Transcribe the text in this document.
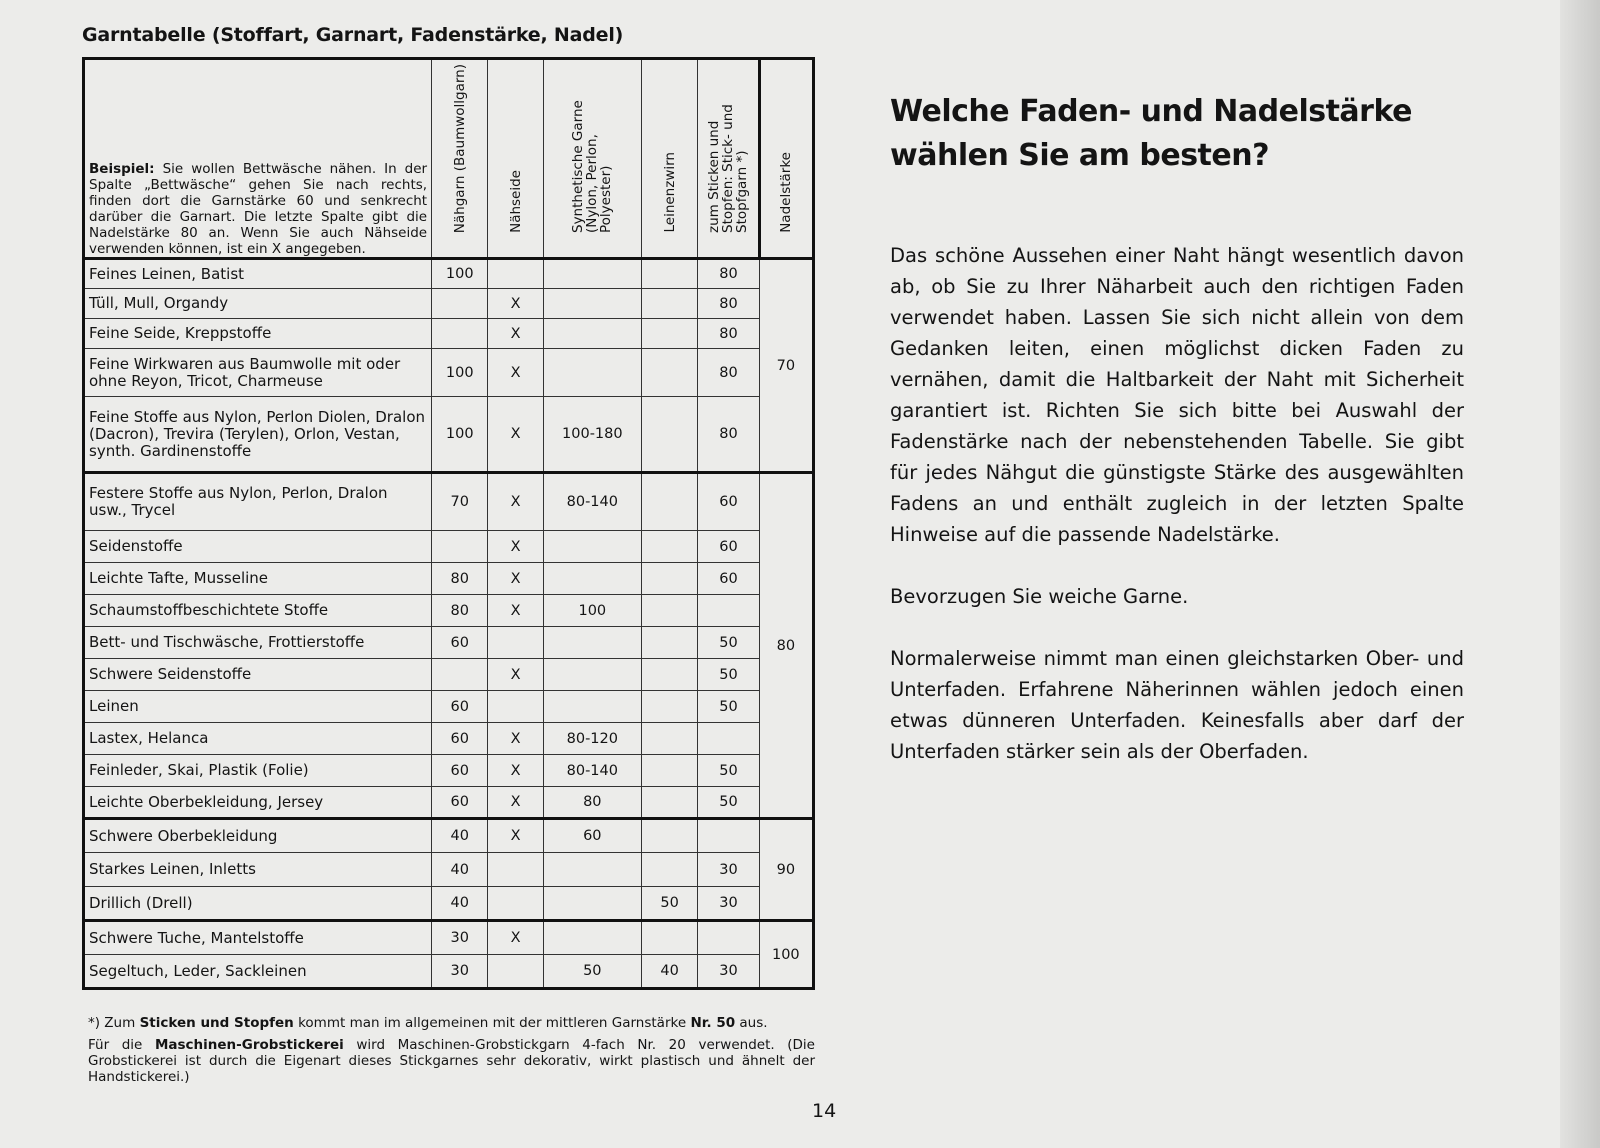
Garntabelle (Stoffart, Garnart, Fadenstärke, Nadel)
Beispiel: Sie wollen Bettwäsche nähen. In der Spalte „Bettwäsche“ gehen Sie nach rechts, finden dort die Garnstärke 60 und senkrecht darüber die Garnart. Die letzte Spalte gibt die Nadelstärke 80 an. Wenn Sie auch Nähseide verwenden können, ist ein X angegeben.	Nähgarn (Baumwollgarn)	Nähseide	Synthetische Garne (Nylon, Perlon, Polyester)	Leinenzwirn	zum Sticken und Stopfen: Stick- und Stopfgarn *)	Nadelstärke
Feines Leinen, Batist	100				80	70
Tüll, Mull, Organdy		X			80	
Feine Seide, Kreppstoffe		X			80	
Feine Wirkwaren aus Baumwolle mit oder ohne Reyon, Tricot, Charmeuse	100	X			80	
Feine Stoffe aus Nylon, Perlon Diolen, Dralon (Dacron), Trevira (Terylen), Orlon, Vestan, synth. Gardinenstoffe	100	X	100-180		80	
Festere Stoffe aus Nylon, Perlon, Dralon usw., Trycel	70	X	80-140		60	80
Seidenstoffe		X			60	
Leichte Tafte, Musseline	80	X			60	
Schaumstoffbeschichtete Stoffe	80	X	100			
Bett- und Tischwäsche, Frottierstoffe	60				50	
Schwere Seidenstoffe		X			50	
Leinen	60				50	
Lastex, Helanca	60	X	80-120			
Feinleder, Skai, Plastik (Folie)	60	X	80-140		50	
Leichte Oberbekleidung, Jersey	60	X	80		50	
Schwere Oberbekleidung	40	X	60			90
Starkes Leinen, Inletts	40				30	
Drillich (Drell)	40			50	30	
Schwere Tuche, Mantelstoffe	30	X				100
Segeltuch, Leder, Sackleinen	30		50	40	30	

*) Zum Sticken und Stopfen kommt man im allgemeinen mit der mittleren Garnstärke Nr. 50 aus.

Für die Maschinen-Grobstickerei wird Maschinen-Grobstickgarn 4-fach Nr. 20 verwendet. (Die Grobstickerei ist durch die Eigenart dieses Stickgarnes sehr dekorativ, wirkt plastisch und ähnelt der Handstickerei.)

14
Welche Faden- und Nadelstärke
wählen Sie am besten?

Das schöne Aussehen einer Naht hängt wesentlich davon ab, ob Sie zu Ihrer Näharbeit auch den richtigen Faden verwendet haben. Lassen Sie sich nicht allein von dem Gedanken leiten, einen möglichst dicken Faden zu vernähen, damit die Haltbarkeit der Naht mit Sicherheit garantiert ist. Richten Sie sich bitte bei Auswahl der Fadenstärke nach der nebenstehenden Tabelle. Sie gibt für jedes Nähgut die günstigste Stärke des ausgewählten Fadens an und enthält zugleich in der letzten Spalte Hinweise auf die passende Nadelstärke.

Bevorzugen Sie weiche Garne.

Normalerweise nimmt man einen gleichstarken Ober- und Unterfaden. Erfahrene Näherinnen wählen jedoch einen etwas dünneren Unterfaden. Keinesfalls aber darf der Unterfaden stärker sein als der Oberfaden.
